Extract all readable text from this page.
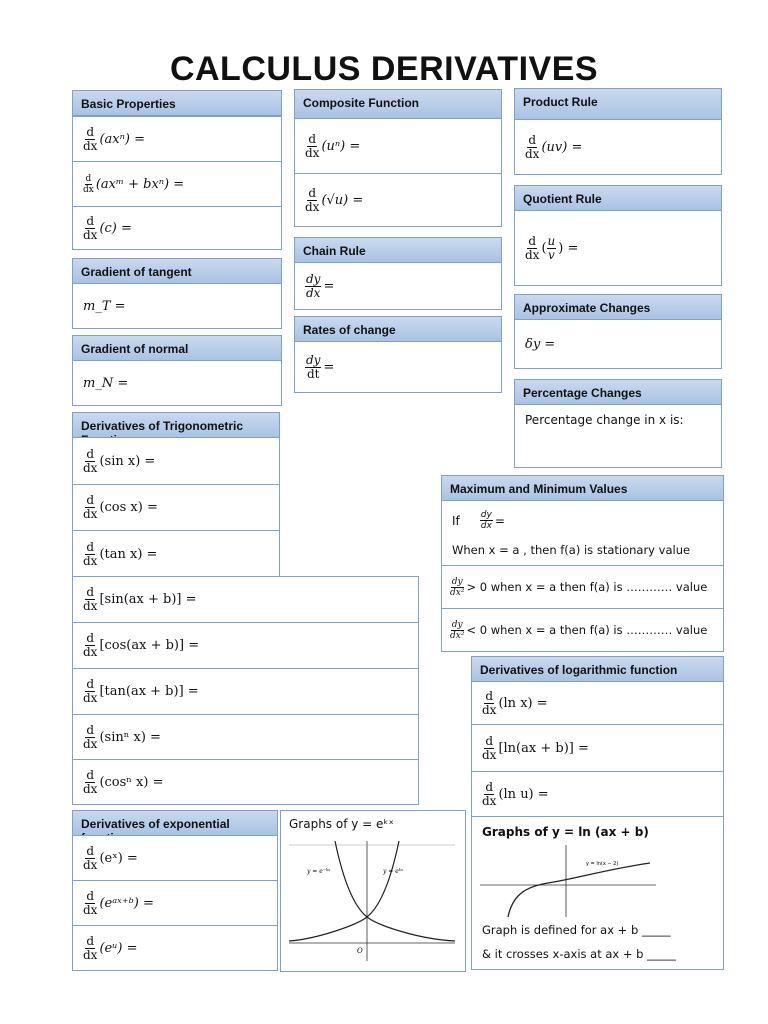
CALCULUS DERIVATIVES
Basic Properties
$\frac{d}{dx} (ax^n)$ =
$\frac{d}{dx}$ (axᵐ + bxⁿ) =
$\frac{d}{dx} (c)$ =
Composite Function
$\frac{d}{dx} (u^n)$ =
$\frac{d}{dx} (√u)$ =
Product Rule
$\frac{d}{dx} (uv)$ =
Quotient Rule
$\frac{d}{dx}$ ( $\frac{u}{v}$ ) =
Gradient of tangent
m_T =
Chain Rule
$\frac{dy}{dx}$ =
Approximate Changes
δy =
Gradient of normal
m_N =
Rates of change
$\frac{dy}{dt}$ =
Percentage Changes
Percentage change in x is:
Derivatives of Trigonometric
$\frac{d}{dx} (\sin$ x) =
$\frac{d}{dx} (\cos$ x) =
$\frac{d}{dx} (\tan$ x) =
$\frac{d}{dx} [\sin(ax + b)]$ =
$\frac{d}{dx} [\cos(ax + b)]$ =
$\frac{d}{dx} [\tan(ax + b)]$ =
$\frac{d}{dx} (\sin^n$ x) =
$\frac{d}{dx} (\cos^n$ x) =
Maximum and Minimum Values
If $\frac{dy}{dx}$ =
When x = a , then f(a) is stationary value
$\frac{dy}{\text{dx²}} > 0$ when x = a then f(a) is ………… value
$\frac{dy}{\text{dx²}} < 0$ when x = a then f(a) is ………… value
Derivatives of logarithmic function
$\frac{d}{dx} (\ln$ x) =
$\frac{d}{dx} [\ln(ax + b)]$ =
$\frac{d}{dx} (\ln$ u) =
Graphs of y = ln (ax + b)
y = ln(x − 2)
Graph is defined for ax + b _____
& it crosses x-axis at ax + b _____
Derivatives of exponential
$\frac{d}{dx}$ (eˣ) =
$\frac{d}{dx}$ (eᵃˣ⁺ᵇ) =
$\frac{d}{dx}$ (eᵘ) =
Graphs of y = eᵏˣ
y = e⁻ᵏˣ	y = eᵏˣ
O
